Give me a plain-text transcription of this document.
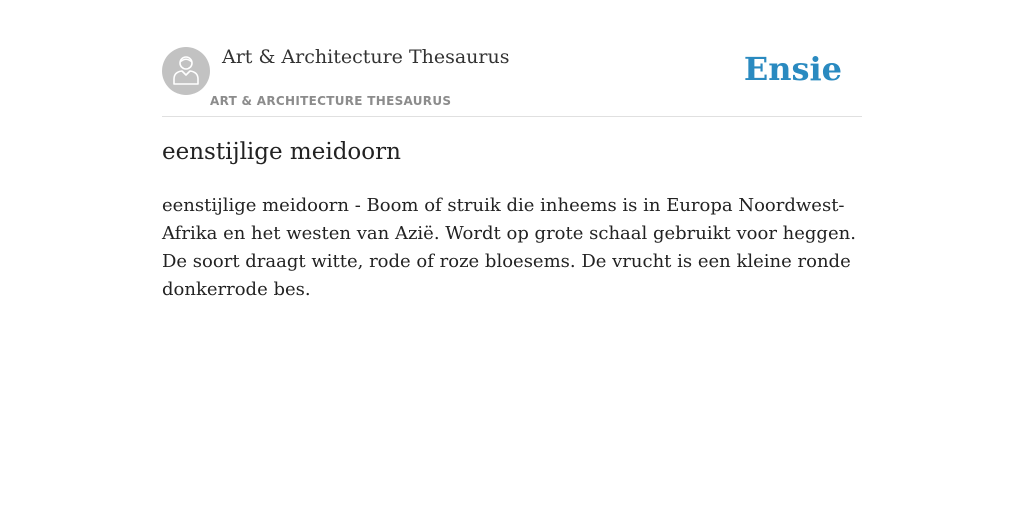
Art & Architecture Thesaurus
ART & ARCHITECTURE THESAURUS
Ensie
eenstijlige meidoorn

eenstijlige meidoorn - Boom of struik die inheems is in Europa Noordwest-Afrika en het westen van Azië. Wordt op grote schaal gebruikt voor heggen. De soort draagt witte, rode of roze bloesems. De vrucht is een kleine ronde donkerrode bes.
